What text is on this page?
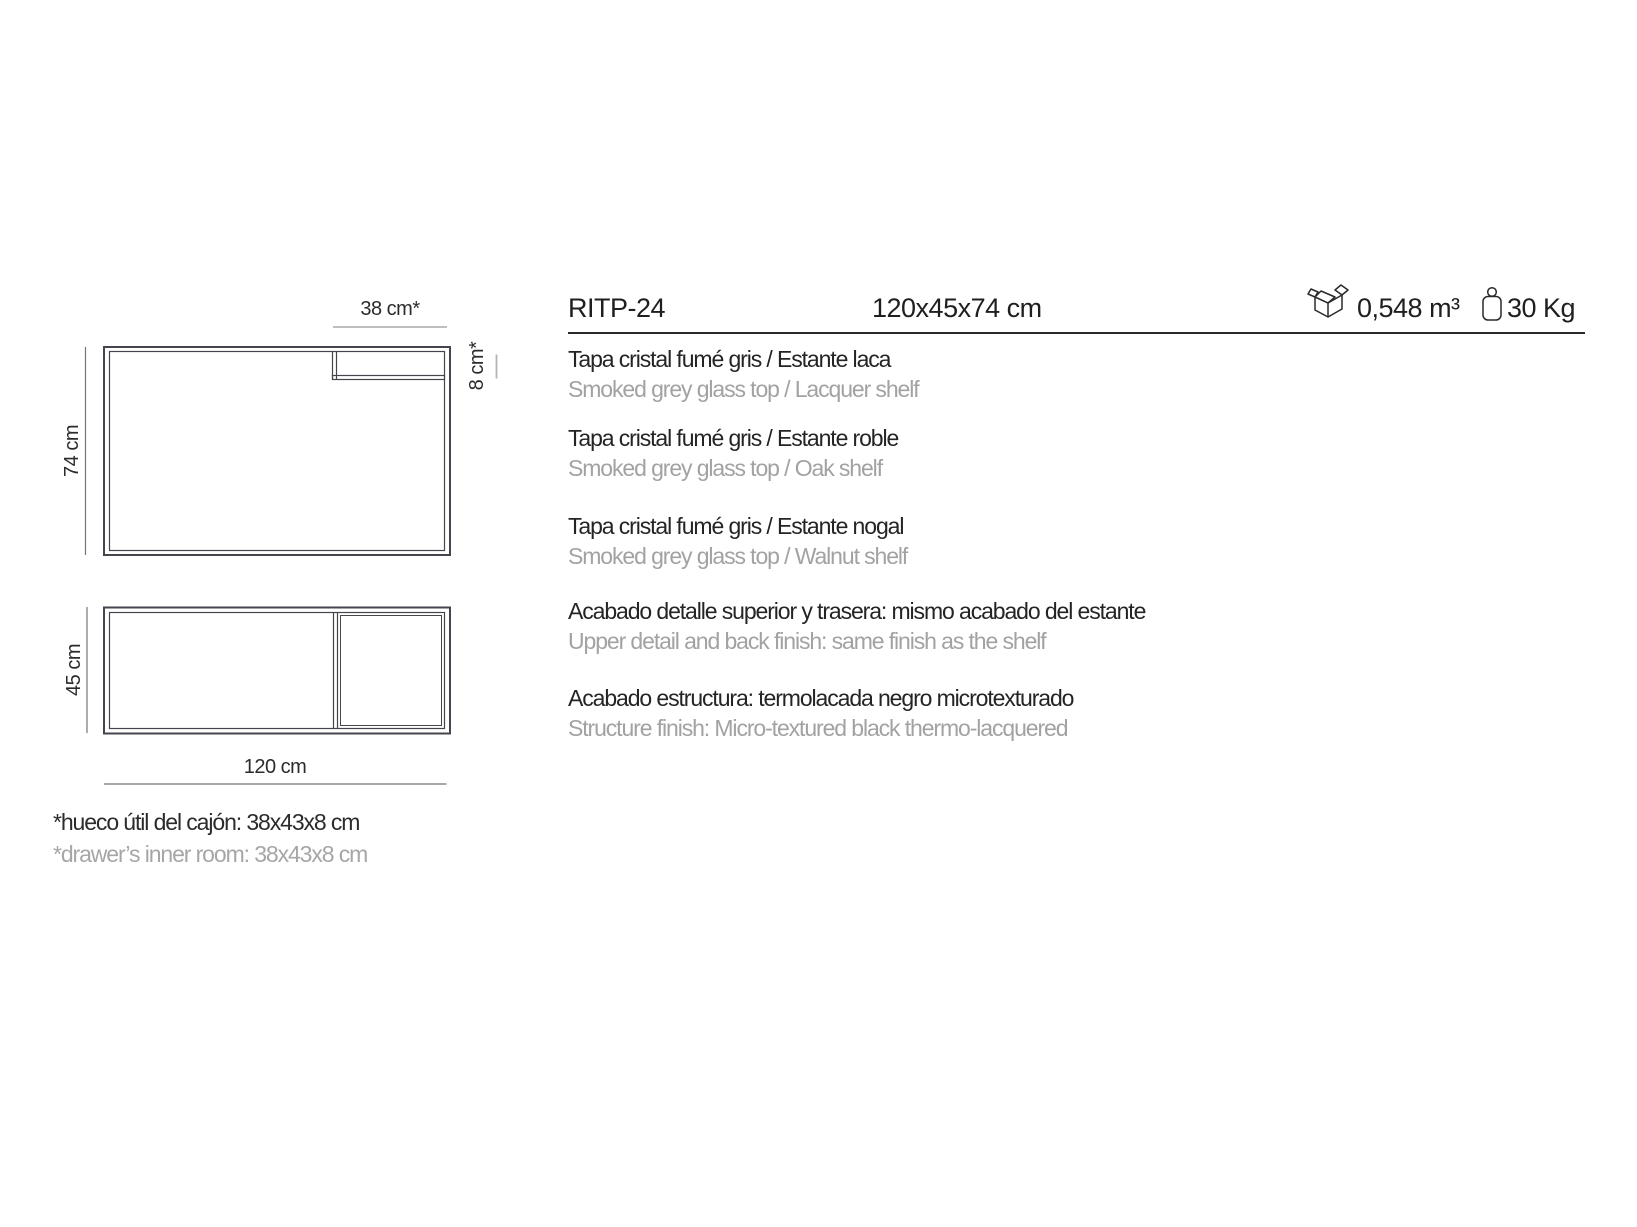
38 cm*
8 cm*
74 cm
45 cm
120 cm
*hueco útil del cajón: 38x43x8 cm
*drawer’s inner room: 38x43x8 cm
RITP-24	120x45x74 cm	0,548 m³ 30 Kg
Tapa cristal fumé gris / Estante laca
Smoked grey glass top / Lacquer shelf
Tapa cristal fumé gris / Estante roble
Smoked grey glass top / Oak shelf
Tapa cristal fumé gris / Estante nogal
Smoked grey glass top / Walnut shelf
Acabado detalle superior y trasera: mismo acabado del estante
Upper detail and back finish: same finish as the shelf
Acabado estructura: termolacada negro microtexturado
Structure finish: Micro-textured black thermo-lacquered
